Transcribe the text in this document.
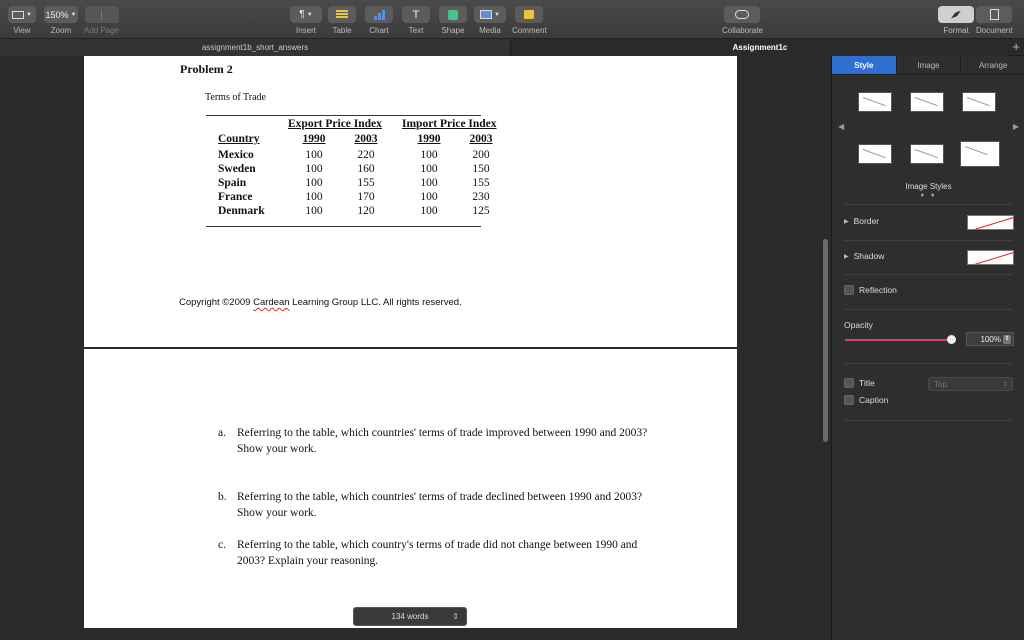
▼
View
150% ▼
Zoom Add Page
¶ ▼
Insert Table Chart
T
Text Shape
▼
Media Comment	Collaborate	Format Document
assignment1b_short_answers	Assignment1c	+
Problem 2
Terms of Trade
Export Price Index Import Price Index
Country	1990	2003	1990	2003
Mexico	100	220	100	200
Sweden	100	160	100	150
Spain	100	155	100	155
France	100	170	100	230
Denmark	100	120	100	125
Copyright ©2009 Cardean Learning Group LLC. All rights reserved.
a. Referring to the table, which countries' terms of trade improved between 1990 and 2003? Show your work.
b. Referring to the table, which countries' terms of trade declined between 1990 and 2003? Show your work.
c. Referring to the table, which country's terms of trade did not change between 1990 and 2003? Explain your reasoning.
134 words	⇕
Style	Image	Arrange
◀	▶
Image Styles
● ●
▶ Border
▶ Shadow
Reflection
Opacity
100% ⇕
Title	Top	⇕
Caption
